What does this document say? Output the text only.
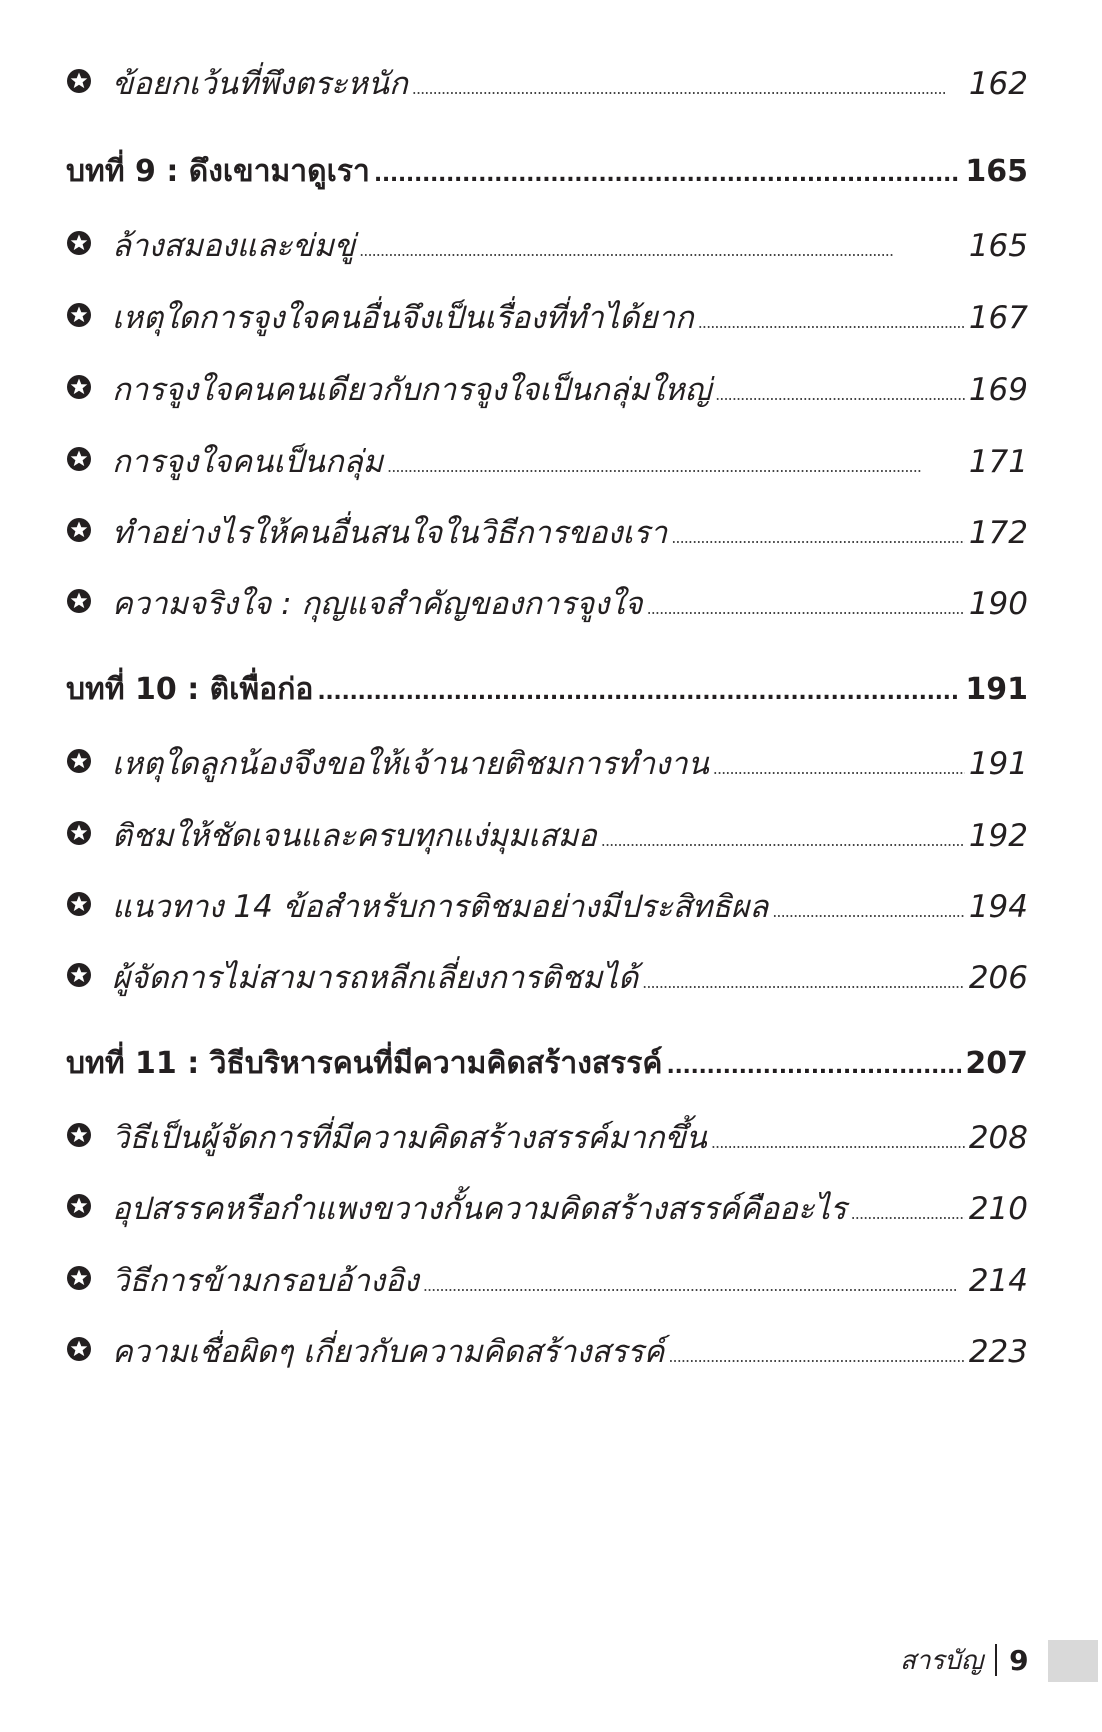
ข้อยกเว้นที่พึงตระหนัก . . .	162
บทที่ 9 : ดึงเขามาดูเรา . . .	165
ล้างสมองและข่มขู่ . . .	165
เหตุใดการจูงใจคนอื่นจึงเป็นเรื่องที่ทำได้ยาก . . .	167
การจูงใจคนคนเดียวกับการจูงใจเป็นกลุ่มใหญ่ . . .	169
การจูงใจคนเป็นกลุ่ม . . .	171
ทำอย่างไรให้คนอื่นสนใจในวิธีการของเรา . . .	172
ความจริงใจ : กุญแจสำคัญของการจูงใจ . . .	190
บทที่ 10 : ติเพื่อก่อ . . .	191
เหตุใดลูกน้องจึงขอให้เจ้านายติชมการทำงาน . . .	191
ติชมให้ชัดเจนและครบทุกแง่มุมเสมอ . . .	192
แนวทาง 14 ข้อสำหรับการติชมอย่างมีประสิทธิผล . . .	194
ผู้จัดการไม่สามารถหลีกเลี่ยงการติชมได้ . . .	206
บทที่ 11 : วิธีบริหารคนที่มีความคิดสร้างสรรค์ . . .	207
วิธีเป็นผู้จัดการที่มีความคิดสร้างสรรค์มากขึ้น . . .	208
อุปสรรคหรือกำแพงขวางกั้นความคิดสร้างสรรค์คืออะไร . . .	210
วิธีการข้ามกรอบอ้างอิง . . .	214
ความเชื่อผิดๆ เกี่ยวกับความคิดสร้างสรรค์ . . .	223
สารบัญ 9
